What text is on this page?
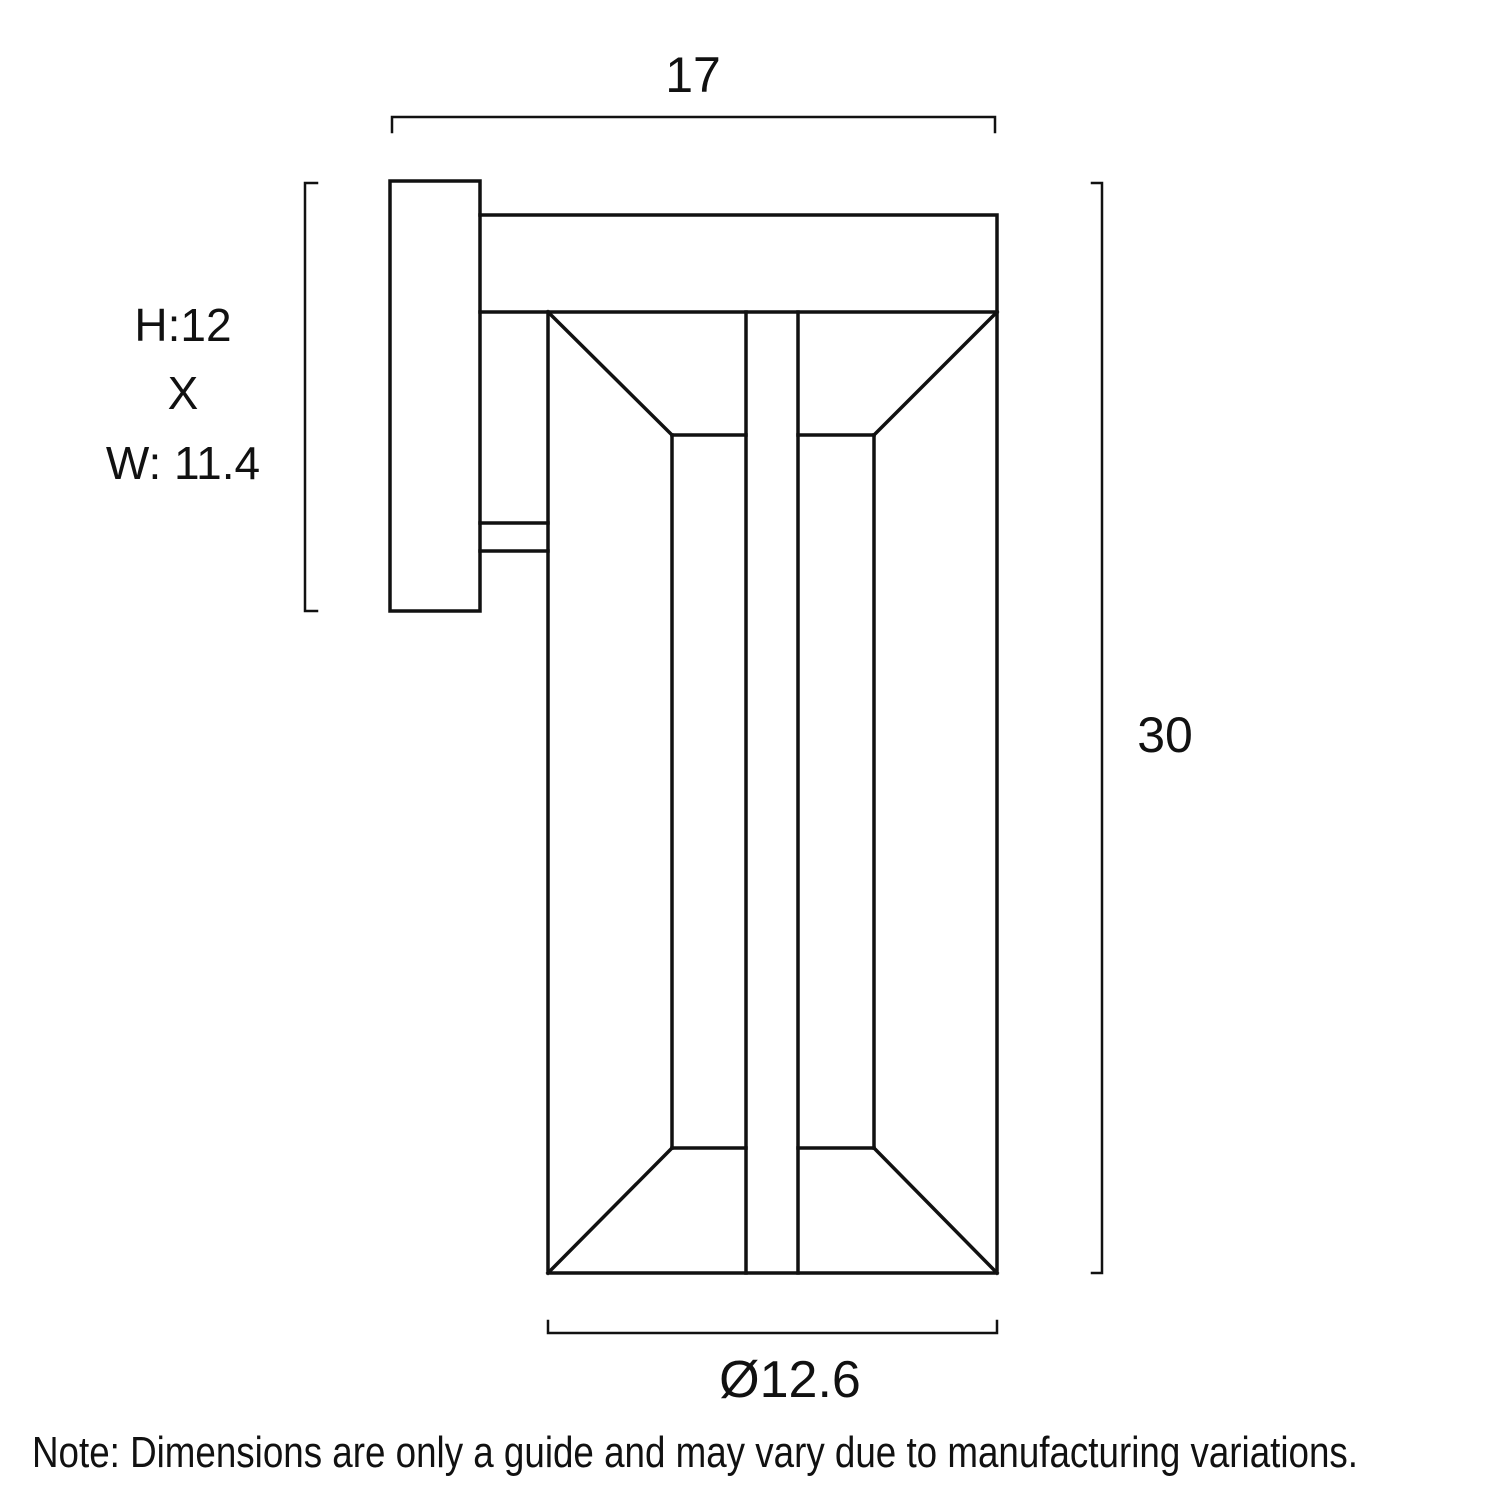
17
H:12
X
W: 11.4
30
Ø12.6
Note: Dimensions are only a guide and may vary due to manufacturing variations.
